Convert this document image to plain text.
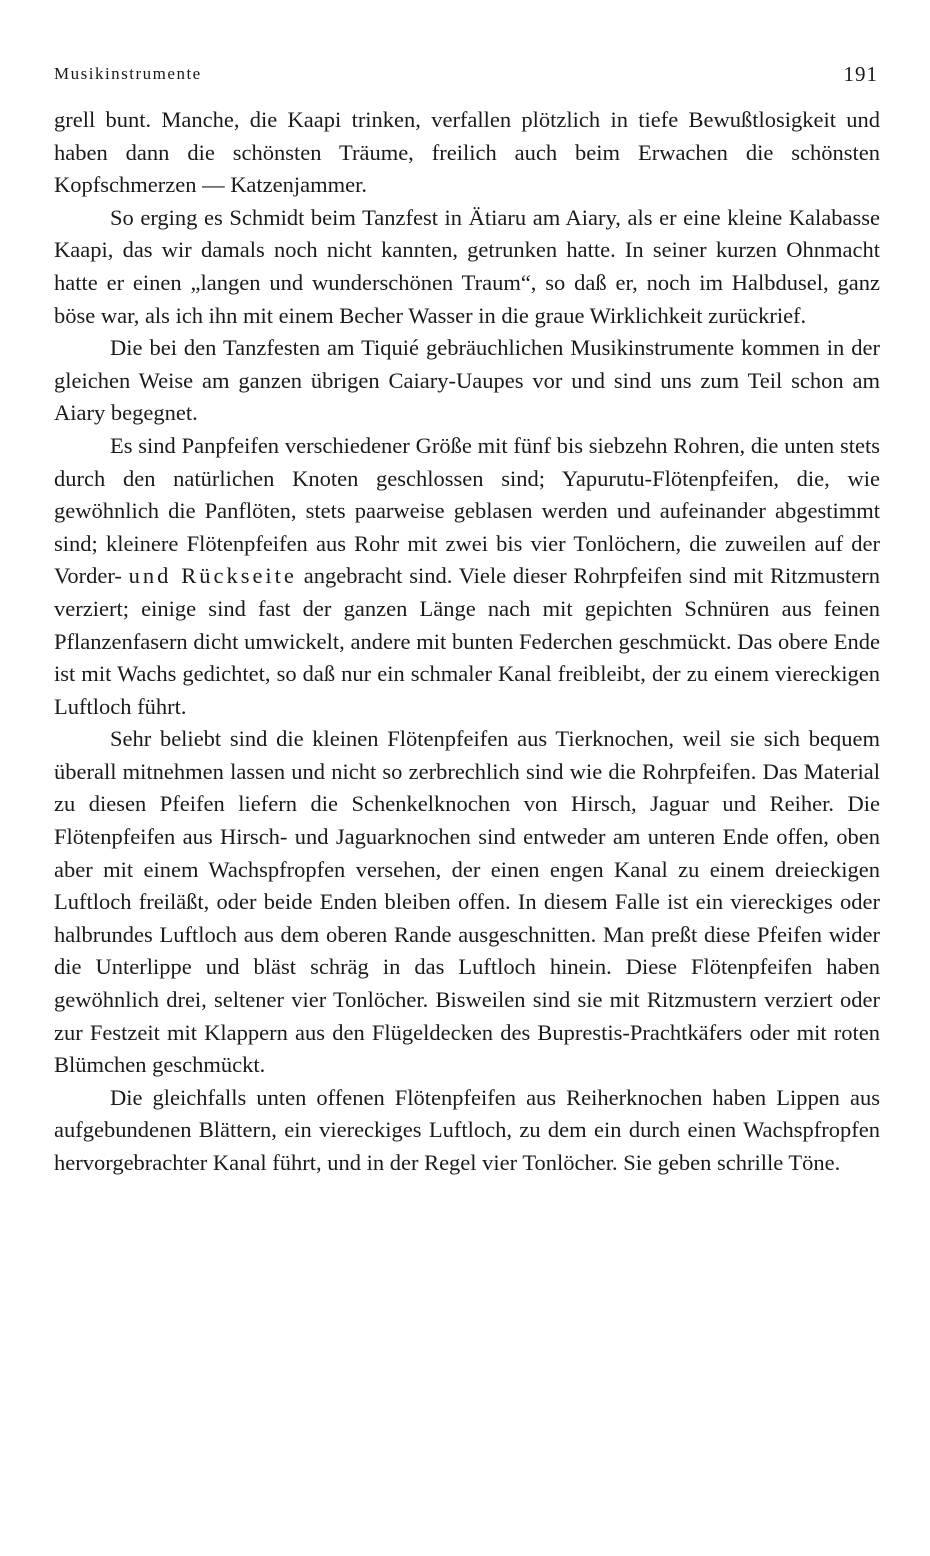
Musikinstrumente	191

grell bunt. Manche, die Kaapi trinken, verfallen plötzlich in tiefe Bewußtlosigkeit und haben dann die schönsten Träume, freilich auch beim Erwachen die schönsten Kopfschmerzen — Katzenjammer.

So erging es Schmidt beim Tanzfest in Ätiaru am Aiary, als er eine kleine Kalabasse Kaapi, das wir damals noch nicht kannten, getrunken hatte. In seiner kurzen Ohnmacht hatte er einen „langen und wunderschönen Traum“, so daß er, noch im Halbdusel, ganz böse war, als ich ihn mit einem Becher Wasser in die graue Wirklichkeit zurückrief.

Die bei den Tanzfesten am Tiquié gebräuchlichen Musikinstrumente kommen in der gleichen Weise am ganzen übrigen Caiary-Uaupes vor und sind uns zum Teil schon am Aiary begegnet.

Es sind Panpfeifen verschiedener Größe mit fünf bis siebzehn Rohren, die unten stets durch den natürlichen Knoten geschlossen sind; Yapurutu-Flötenpfeifen, die, wie gewöhnlich die Panflöten, stets paarweise geblasen werden und aufeinander abgestimmt sind; kleinere Flötenpfeifen aus Rohr mit zwei bis vier Tonlöchern, die zuweilen auf der Vorder- und Rückseite angebracht sind. Viele dieser Rohrpfeifen sind mit Ritzmustern verziert; einige sind fast der ganzen Länge nach mit gepichten Schnüren aus feinen Pflanzenfasern dicht umwickelt, andere mit bunten Federchen geschmückt. Das obere Ende ist mit Wachs gedichtet, so daß nur ein schmaler Kanal freibleibt, der zu einem viereckigen Luftloch führt.

Sehr beliebt sind die kleinen Flötenpfeifen aus Tierknochen, weil sie sich bequem überall mitnehmen lassen und nicht so zerbrechlich sind wie die Rohrpfeifen. Das Material zu diesen Pfeifen liefern die Schenkelknochen von Hirsch, Jaguar und Reiher. Die Flötenpfeifen aus Hirsch- und Jaguarknochen sind entweder am unteren Ende offen, oben aber mit einem Wachspfropfen versehen, der einen engen Kanal zu einem dreieckigen Luftloch freiläßt, oder beide Enden bleiben offen. In diesem Falle ist ein viereckiges oder halbrundes Luftloch aus dem oberen Rande ausgeschnitten. Man preßt diese Pfeifen wider die Unterlippe und bläst schräg in das Luftloch hinein. Diese Flötenpfeifen haben gewöhnlich drei, seltener vier Tonlöcher. Bisweilen sind sie mit Ritzmustern verziert oder zur Festzeit mit Klappern aus den Flügeldecken des Buprestis-Prachtkäfers oder mit roten Blümchen geschmückt.

Die gleichfalls unten offenen Flötenpfeifen aus Reiherknochen haben Lippen aus aufgebundenen Blättern, ein viereckiges Luftloch, zu dem ein durch einen Wachspfropfen hervorgebrachter Kanal führt, und in der Regel vier Tonlöcher. Sie geben schrille Töne.
